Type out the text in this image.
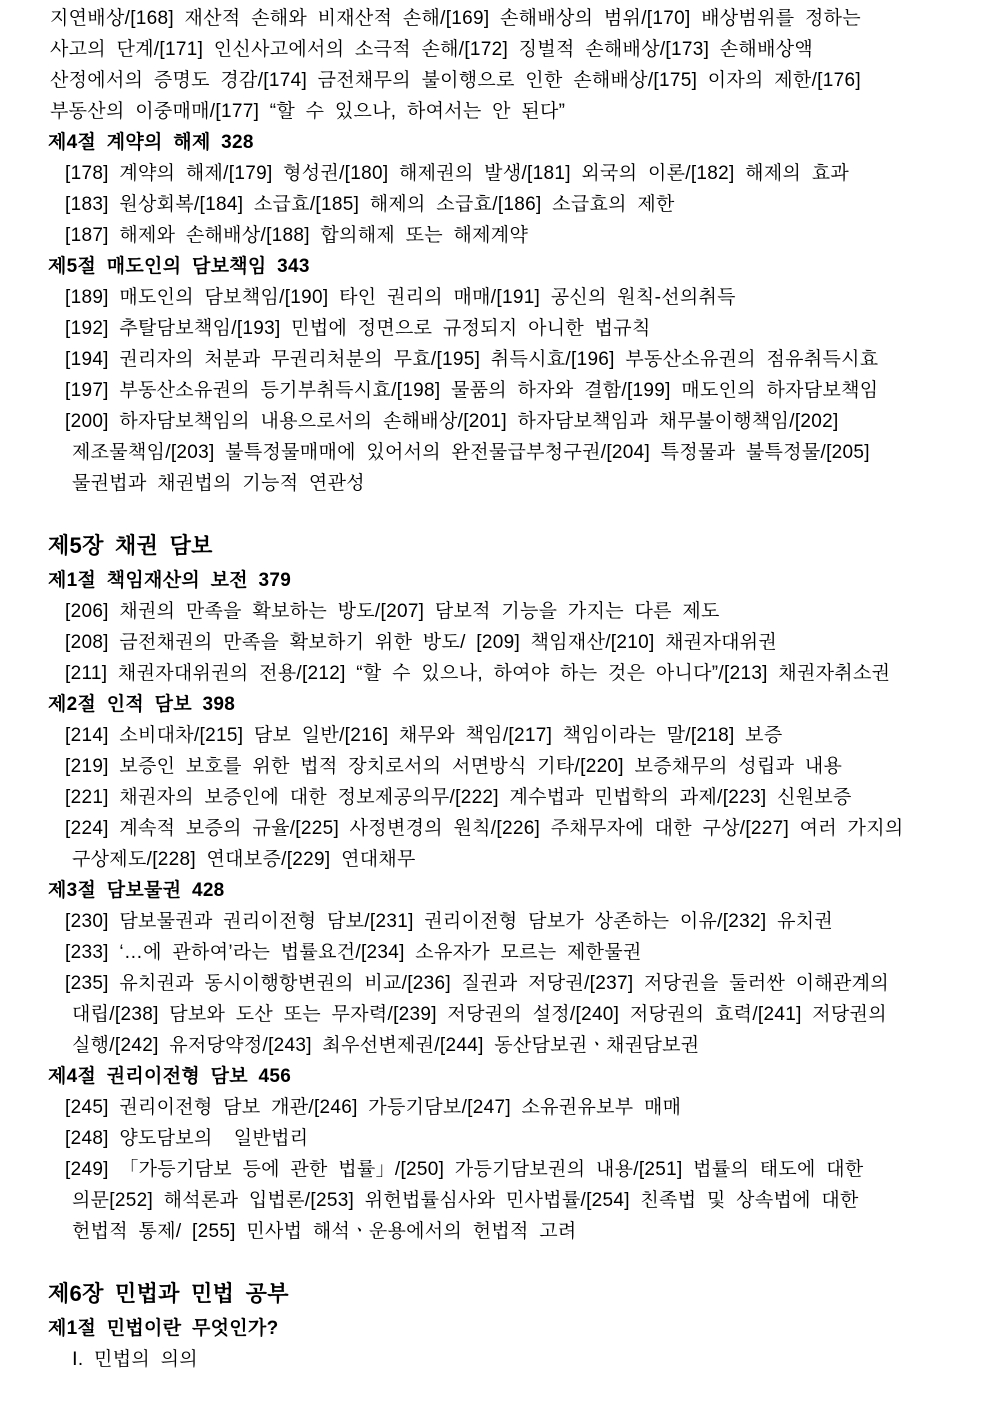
지연배상/[168] 재산적 손해와 비재산적 손해/[169] 손해배상의 범위/[170] 배상범위를 정하는
사고의 단계/[171] 인신사고에서의 소극적 손해/[172] 징벌적 손해배상/[173] 손해배상액
산정에서의 증명도 경감/[174] 금전채무의 불이행으로 인한 손해배상/[175] 이자의 제한/[176]
부동산의 이중매매/[177] “할 수 있으나, 하여서는 안 된다”
제4절 계약의 해제 328
[178] 계약의 해제/[179] 형성권/[180] 해제권의 발생/[181] 외국의 이론/[182] 해제의 효과
[183] 원상회복/[184] 소급효/[185] 해제의 소급효/[186] 소급효의 제한
[187] 해제와 손해배상/[188] 합의해제 또는 해제계약
제5절 매도인의 담보책임 343
[189] 매도인의 담보책임/[190] 타인 권리의 매매/[191] 공신의 원칙-선의취득
[192] 추탈담보책임/[193] 민법에 정면으로 규정되지 아니한 법규칙
[194] 권리자의 처분과 무권리처분의 무효/[195] 취득시효/[196] 부동산소유권의 점유취득시효
[197] 부동산소유권의 등기부취득시효/[198] 물품의 하자와 결함/[199] 매도인의 하자담보책임
[200] 하자담보책임의 내용으로서의 손해배상/[201] 하자담보책임과 채무불이행책임/[202]
제조물책임/[203] 불특정물매매에 있어서의 완전물급부청구권/[204] 특정물과 불특정물/[205]
물권법과 채권법의 기능적 연관성
제5장 채권 담보
제1절 책임재산의 보전 379
[206] 채권의 만족을 확보하는 방도/[207] 담보적 기능을 가지는 다른 제도
[208] 금전채권의 만족을 확보하기 위한 방도/ [209] 책임재산/[210] 채권자대위권
[211] 채권자대위권의 전용/[212] “할 수 있으나, 하여야 하는 것은 아니다”/[213] 채권자취소권
제2절 인적 담보 398
[214] 소비대차/[215] 담보 일반/[216] 채무와 책임/[217] 책임이라는 말/[218] 보증
[219] 보증인 보호를 위한 법적 장치로서의 서면방식 기타/[220] 보증채무의 성립과 내용
[221] 채권자의 보증인에 대한 정보제공의무/[222] 계수법과 민법학의 과제/[223] 신원보증
[224] 계속적 보증의 규율/[225] 사정변경의 원칙/[226] 주채무자에 대한 구상/[227] 여러 가지의
구상제도/[228] 연대보증/[229] 연대채무
제3절 담보물권 428
[230] 담보물권과 권리이전형 담보/[231] 권리이전형 담보가 상존하는 이유/[232] 유치권
[233] ‘…에 관하여’라는 법률요건/[234] 소유자가 모르는 제한물권
[235] 유치권과 동시이행항변권의 비교/[236] 질권과 저당권/[237] 저당권을 둘러싼 이해관계의
대립/[238] 담보와 도산 또는 무자력/[239] 저당권의 설정/[240] 저당권의 효력/[241] 저당권의
실행/[242] 유저당약정/[243] 최우선변제권/[244] 동산담보권ㆍ채권담보권
제4절 권리이전형 담보 456
[245] 권리이전형 담보 개관/[246] 가등기담보/[247] 소유권유보부 매매
[248] 양도담보의  일반법리
[249] 「가등기담보 등에 관한 법률」/[250] 가등기담보권의 내용/[251] 법률의 태도에 대한
의문[252] 해석론과 입법론/[253] 위헌법률심사와 민사법률/[254] 친족법 및 상속법에 대한
헌법적 통제/ [255] 민사법 해석ㆍ운용에서의 헌법적 고려
제6장 민법과 민법 공부
제1절 민법이란 무엇인가?
Ⅰ. 민법의 의의
